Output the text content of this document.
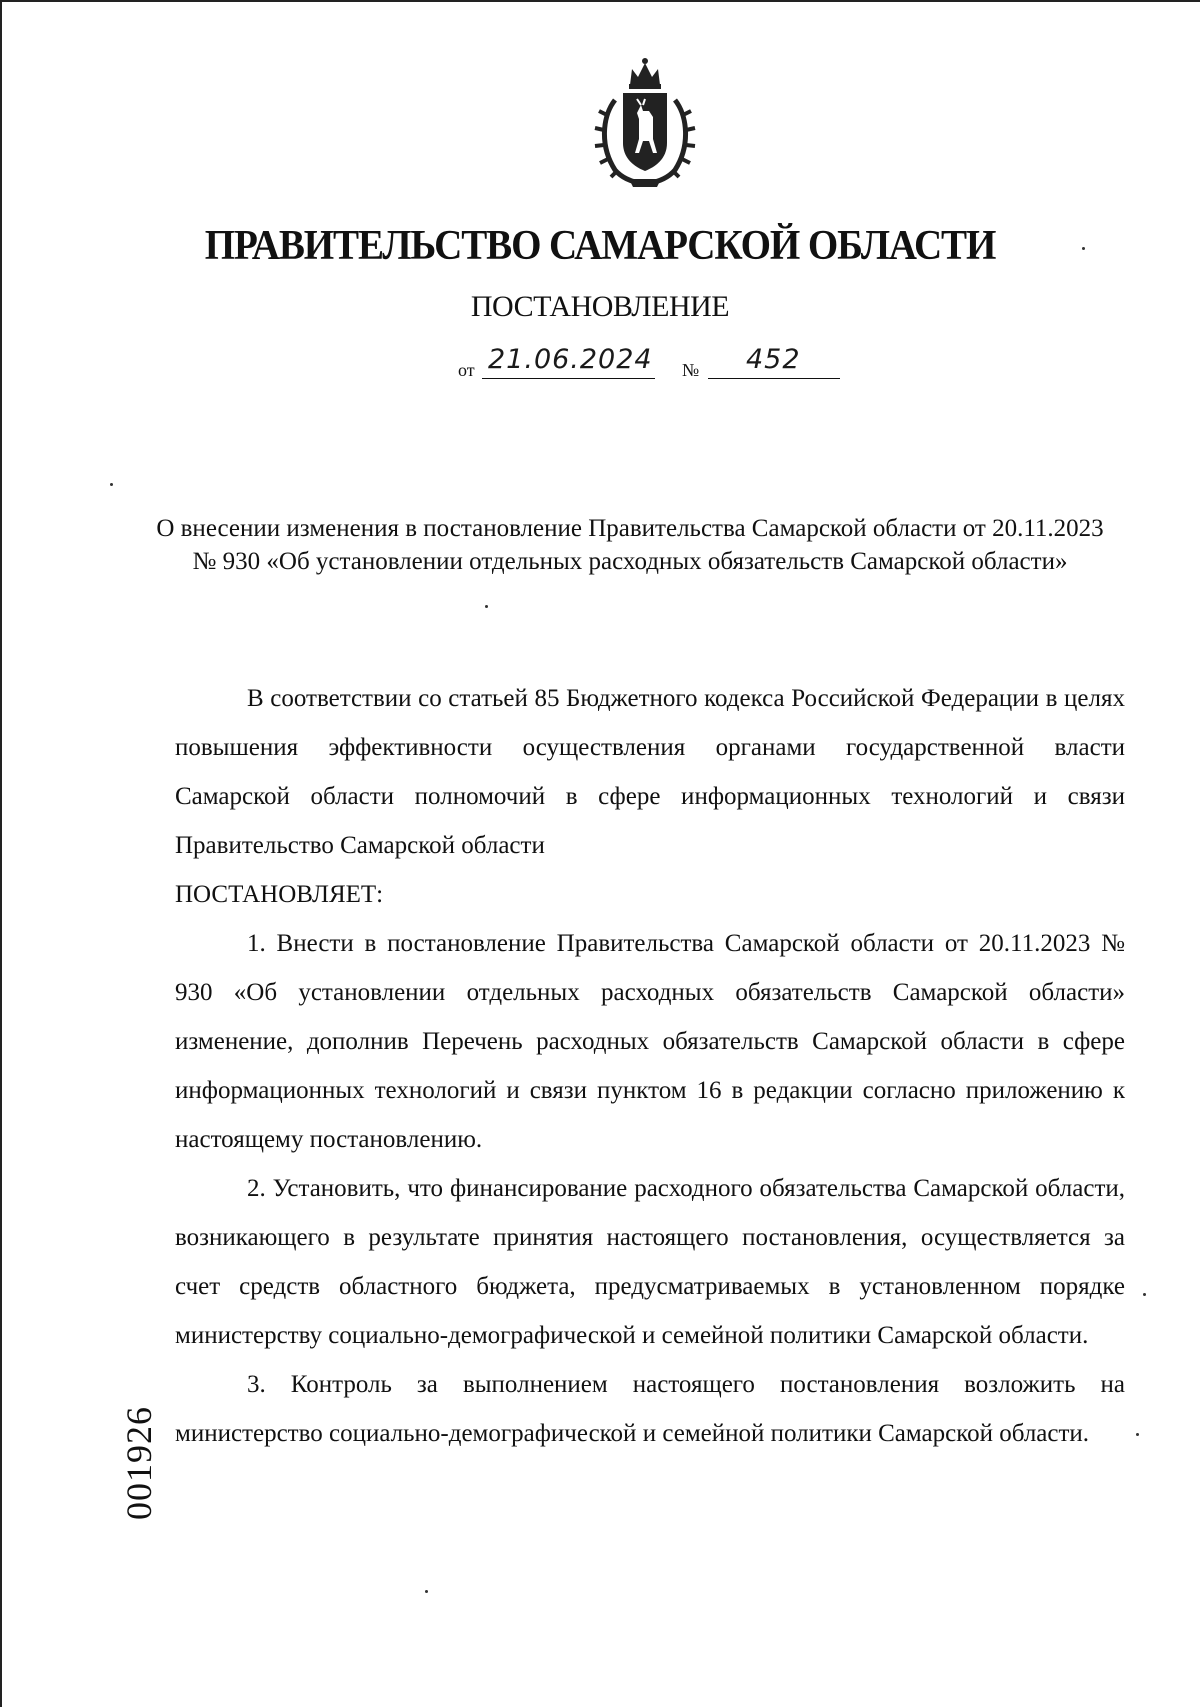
ПРАВИТЕЛЬСТВО САМАРСКОЙ ОБЛАСТИ
ПОСТАНОВЛЕНИЕ
от 21.06.2024 № 452
О внесении изменения в постановление Правительства Самарской области от 20.11.2023 № 930 «Об установлении отдельных расходных обязательств Самарской области»

В соответствии со статьей 85 Бюджетного кодекса Российской Федерации в целях повышения эффективности осуществления органами государственной власти Самарской области полномочий в сфере информационных технологий и связи Правительство Самарской области

ПОСТАНОВЛЯЕТ:

1. Внести в постановление Правительства Самарской области от 20.11.2023 № 930 «Об установлении отдельных расходных обязательств Самарской области» изменение, дополнив Перечень расходных обязательств Самарской области в сфере информационных технологий и связи пунктом 16 в редакции согласно приложению к настоящему постановлению.

2. Установить, что финансирование расходного обязательства Самарской области, возникающего в результате принятия настоящего постановления, осуществляется за счет средств областного бюджета, предусматриваемых в установленном порядке министерству социально-демографической и семейной политики Самарской области.

3. Контроль за выполнением настоящего постановления возложить на министерство социально-демографической и семейной политики Самарской области.

001926
